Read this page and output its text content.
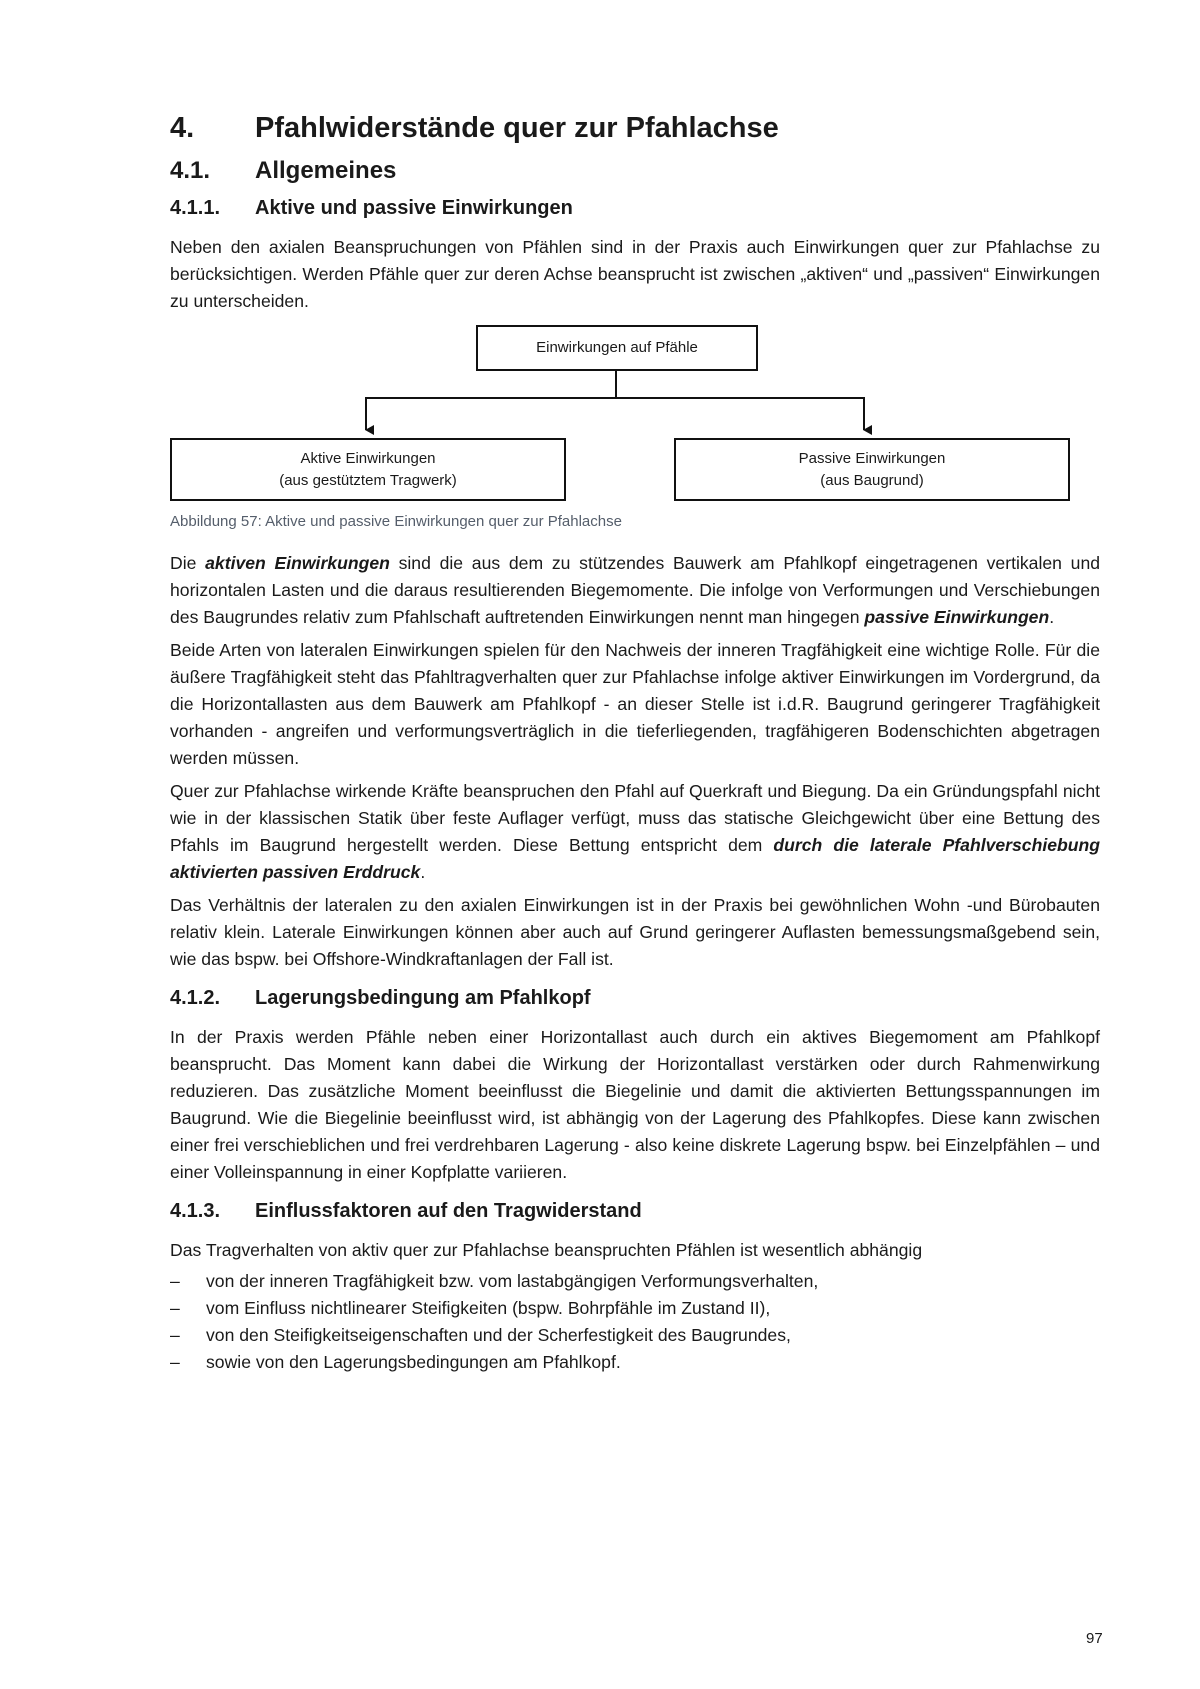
4.	Pfahlwiderstände quer zur Pfahlachse
4.1.	Allgemeines
4.1.1.	Aktive und passive Einwirkungen

Neben den axialen Beanspruchungen von Pfählen sind in der Praxis auch Einwirkungen quer zur Pfahlachse zu berücksichtigen. Werden Pfähle quer zur deren Achse beansprucht ist zwischen „aktiven“ und „passiven“ Einwirkungen zu unterscheiden.

Einwirkungen auf Pfähle
Aktive Einwirkungen
(aus gestütztem Tragwerk)
Passive Einwirkungen
(aus Baugrund)
Abbildung 57: Aktive und passive Einwirkungen quer zur Pfahlachse

Die aktiven Einwirkungen sind die aus dem zu stützendes Bauwerk am Pfahlkopf eingetragenen vertikalen und horizontalen Lasten und die daraus resultierenden Biegemomente. Die infolge von Verformungen und Verschiebungen des Baugrundes relativ zum Pfahlschaft auftretenden Einwirkungen nennt man hingegen passive Einwirkungen.

Beide Arten von lateralen Einwirkungen spielen für den Nachweis der inneren Tragfähigkeit eine wichtige Rolle. Für die äußere Tragfähigkeit steht das Pfahltragverhalten quer zur Pfahlachse infolge aktiver Einwirkungen im Vordergrund, da die Horizontallasten aus dem Bauwerk am Pfahlkopf - an dieser Stelle ist i.d.R. Baugrund geringerer Tragfähigkeit vorhanden - angreifen und verformungsverträglich in die tieferliegenden, tragfähigeren Bodenschichten abgetragen werden müssen.

Quer zur Pfahlachse wirkende Kräfte beanspruchen den Pfahl auf Querkraft und Biegung. Da ein Gründungspfahl nicht wie in der klassischen Statik über feste Auflager verfügt, muss das statische Gleichgewicht über eine Bettung des Pfahls im Baugrund hergestellt werden. Diese Bettung entspricht dem durch die laterale Pfahlverschiebung aktivierten passiven Erddruck.

Das Verhältnis der lateralen zu den axialen Einwirkungen ist in der Praxis bei gewöhnlichen Wohn -und Bürobauten relativ klein. Laterale Einwirkungen können aber auch auf Grund geringerer Auflasten bemessungsmaßgebend sein, wie das bspw. bei Offshore-Windkraftanlagen der Fall ist.

4.1.2.	Lagerungsbedingung am Pfahlkopf

In der Praxis werden Pfähle neben einer Horizontallast auch durch ein aktives Biegemoment am Pfahlkopf beansprucht. Das Moment kann dabei die Wirkung der Horizontallast verstärken oder durch Rahmenwirkung reduzieren. Das zusätzliche Moment beeinflusst die Biegelinie und damit die aktivierten Bettungsspannungen im Baugrund. Wie die Biegelinie beeinflusst wird, ist abhängig von der Lagerung des Pfahlkopfes. Diese kann zwischen einer frei verschieblichen und frei verdrehbaren Lagerung - also keine diskrete Lagerung bspw. bei Einzelpfählen – und einer Volleinspannung in einer Kopfplatte variieren.

4.1.3.	Einflussfaktoren auf den Tragwiderstand

Das Tragverhalten von aktiv quer zur Pfahlachse beanspruchten Pfählen ist wesentlich abhängig

–	von der inneren Tragfähigkeit bzw. vom lastabgängigen Verformungsverhalten,
–	vom Einfluss nichtlinearer Steifigkeiten (bspw. Bohrpfähle im Zustand II),
–	von den Steifigkeitseigenschaften und der Scherfestigkeit des Baugrundes,
–	sowie von den Lagerungsbedingungen am Pfahlkopf.
97
